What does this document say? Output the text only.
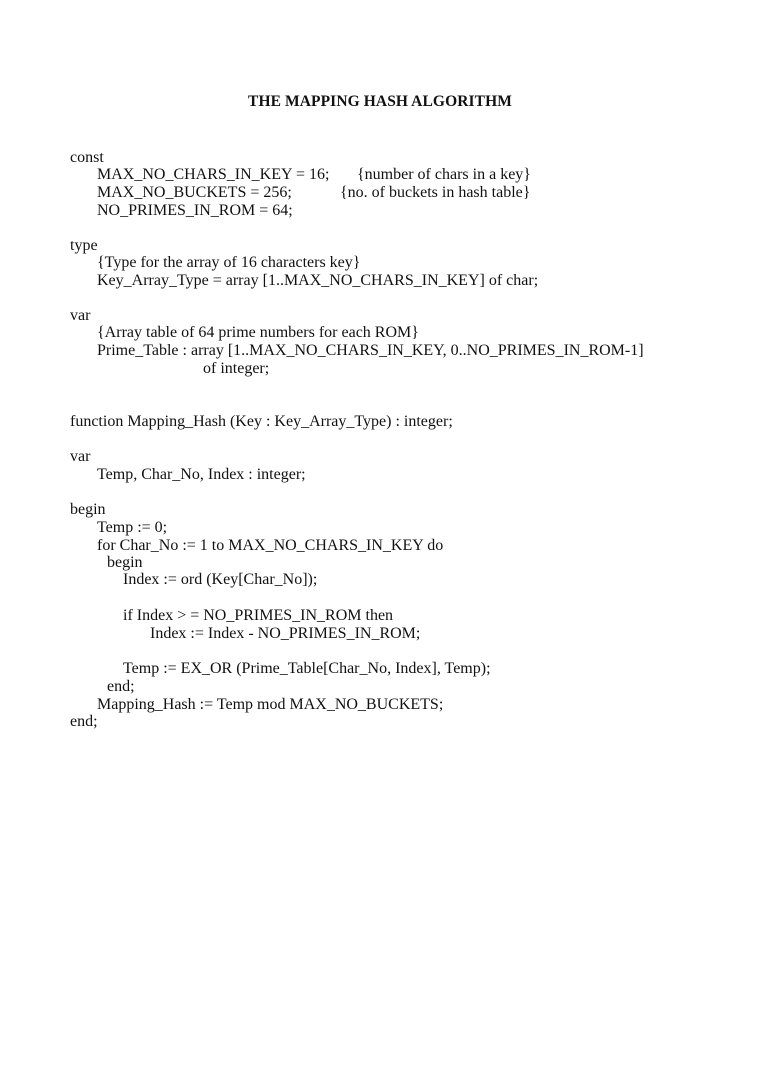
THE MAPPING HASH ALGORITHM
const
MAX_NO_CHARS_IN_KEY = 16; {number of chars in a key}
MAX_NO_BUCKETS = 256;	{no. of buckets in hash table}
NO_PRIMES_IN_ROM = 64;
type
{Type for the array of 16 characters key}
Key_Array_Type = array [1..MAX_NO_CHARS_IN_KEY] of char;
var
{Array table of 64 prime numbers for each ROM}
Prime_Table : array [1..MAX_NO_CHARS_IN_KEY, 0..NO_PRIMES_IN_ROM-1]
of integer;
function Mapping_Hash (Key : Key_Array_Type) : integer;
var
Temp, Char_No, Index : integer;
begin
Temp := 0;
for Char_No := 1 to MAX_NO_CHARS_IN_KEY do
begin
Index := ord (Key[Char_No]);
if Index > = NO_PRIMES_IN_ROM then
Index := Index - NO_PRIMES_IN_ROM;
Temp := EX_OR (Prime_Table[Char_No, Index], Temp);
end;
Mapping_Hash := Temp mod MAX_NO_BUCKETS;
end;
